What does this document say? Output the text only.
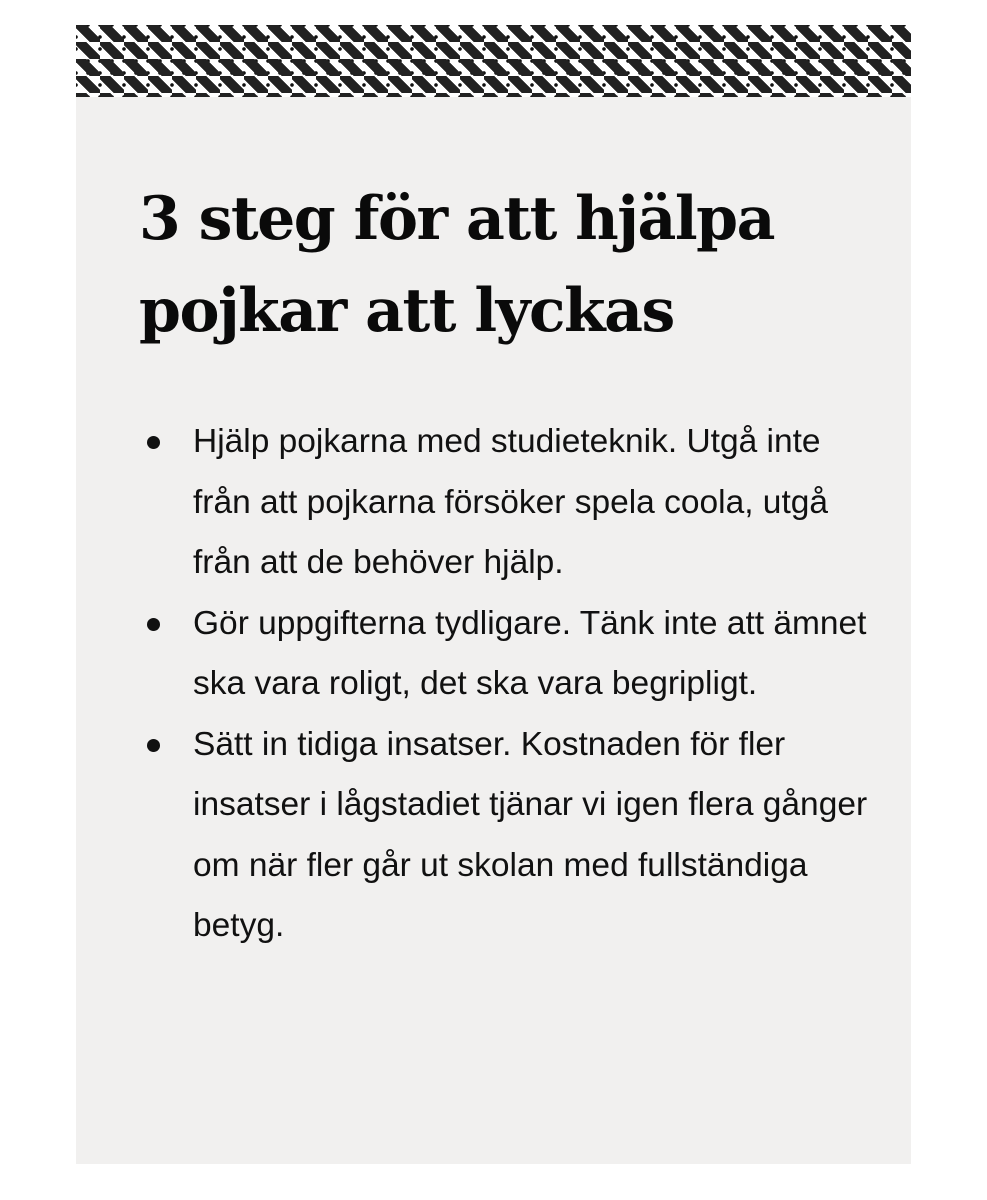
3 steg för att hjälpa pojkar att lyckas
Hjälp pojkarna med studieteknik. Utgå inte från att pojkarna försöker spela coola, utgå från att de behöver hjälp.
Gör uppgifterna tydligare. Tänk inte att ämnet ska vara roligt, det ska vara begripligt.
Sätt in tidiga insatser. Kostnaden för fler insatser i lågstadiet tjänar vi igen flera gånger om när fler går ut skolan med fullständiga betyg.
